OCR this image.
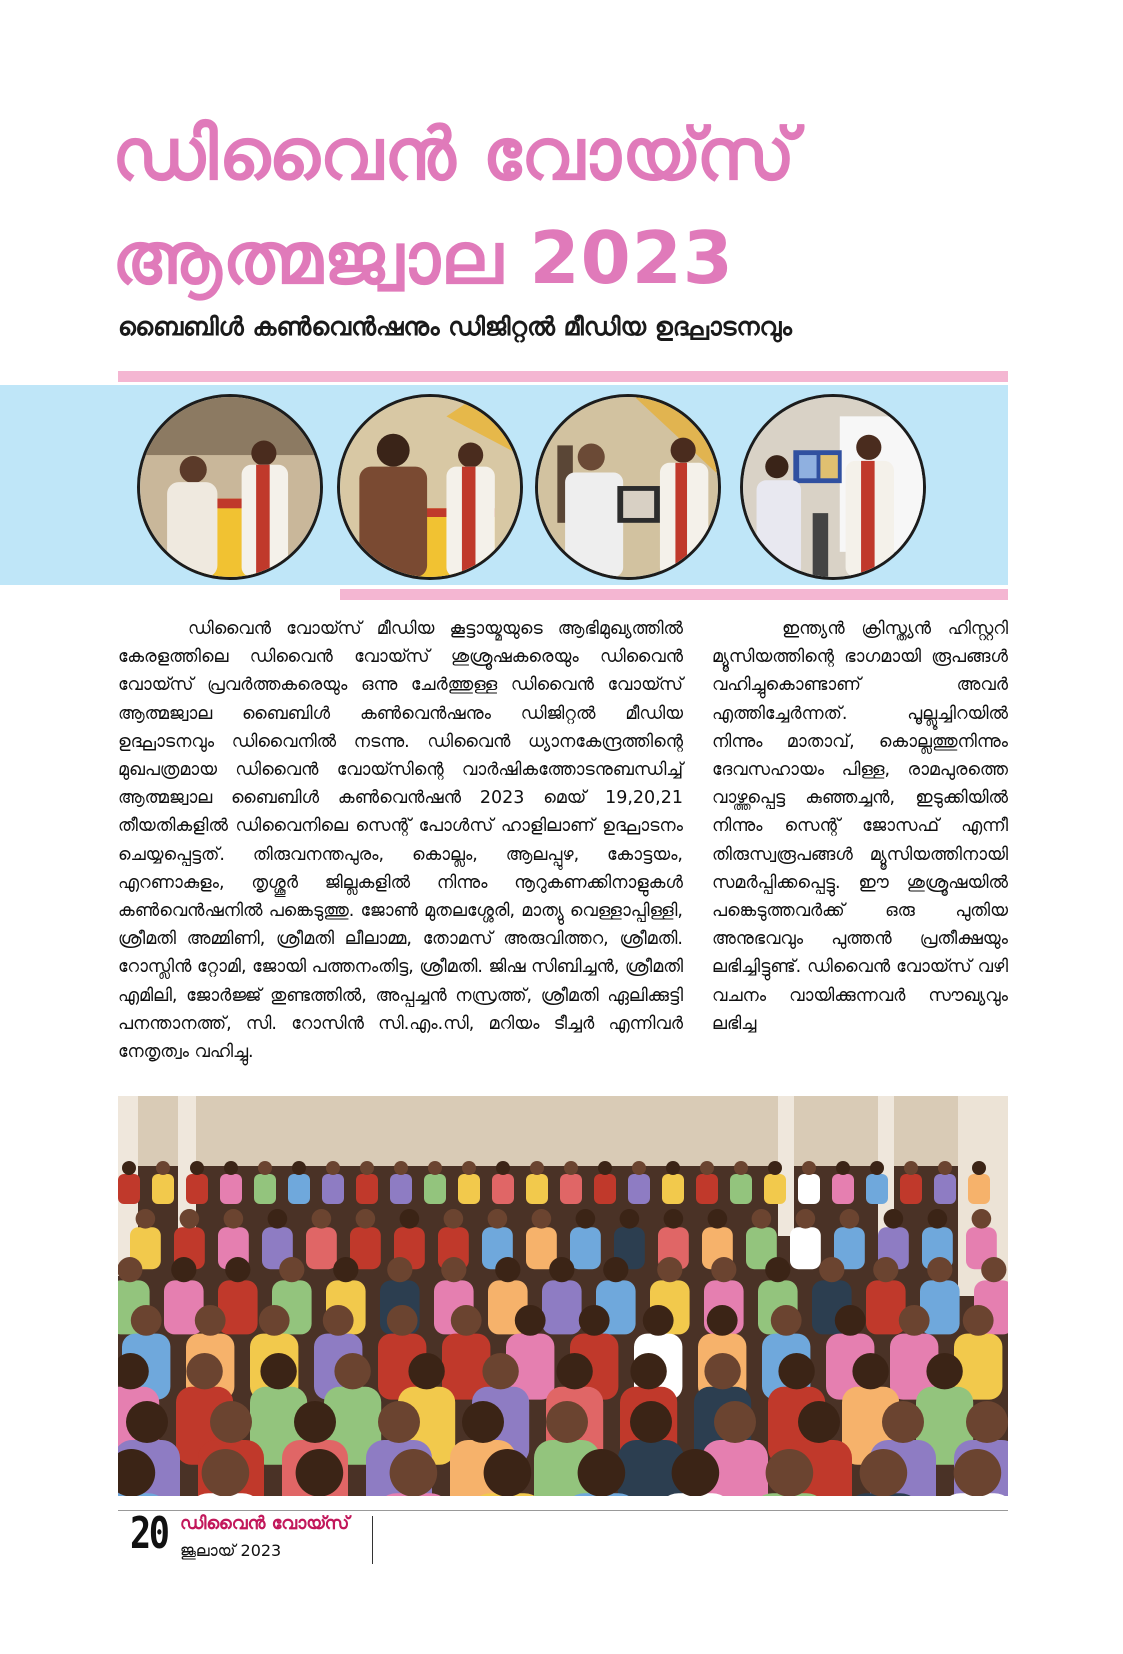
ഡിവൈൻ വോയ്സ്
ആത്മജ്വാല 2023
ബൈബിൾ കൺവെൻഷനും ഡിജിറ്റൽ മീഡിയ ഉദ്ഘാടനവും

ഡിവൈൻ വോയ്സ് മീഡിയ കൂട്ടായ്മയുടെ ആഭിമുഖ്യത്തിൽ കേരളത്തിലെ ഡിവൈൻ വോയ്സ് ശുശ്രൂഷകരെയും ഡിവൈൻ വോയ്സ് പ്രവർത്തകരെയും ഒന്നു ചേർത്തുള്ള ഡിവൈൻ വോയ്സ് ആത്മജ്വാല ബൈബിൾ കൺവെൻഷനും ഡിജിറ്റൽ മീഡിയ ഉദ്ഘാടനവും ഡിവൈനിൽ നടന്നു. ഡിവൈൻ ധ്യാനകേന്ദ്രത്തിന്റെ മുഖപത്രമായ ഡിവൈൻ വോയ്സിന്റെ വാർഷികത്തോടനുബന്ധിച്ച് ആത്മജ്വാല ബൈബിൾ കൺവെൻഷൻ 2023 മെയ് 19,20,21 തീയതികളിൽ ഡിവൈനിലെ സെന്റ് പോൾസ് ഹാളിലാണ് ഉദ്ഘാടനം ചെയ്യപ്പെട്ടത്. തിരുവനന്തപുരം, കൊല്ലം, ആലപ്പുഴ, കോട്ടയം, എറണാകുളം, തൃശ്ശൂർ ജില്ലകളിൽ നിന്നും നൂറുകണക്കിനാളുകൾ കൺവെൻഷനിൽ പങ്കെടുത്തു. ജോൺ മുതലശ്ശേരി, മാത്യു വെള്ളാപ്പിള്ളി, ശ്രീമതി അമ്മിണി, ശ്രീമതി ലീലാമ്മ, തോമസ് അരുവിത്തറ, ശ്രീമതി. റോസ്ലിൻ റ്റോമി, ജോയി പത്തനംതിട്ട, ശ്രീമതി. ജിഷ സിബിച്ചൻ, ശ്രീമതി എമിലി, ജോർജ്ജ് തുണ്ടത്തിൽ, അപ്പച്ചൻ നസ്രത്ത്, ശ്രീമതി ഏലിക്കുട്ടി പനന്താനത്ത്, സി. റോസിൻ സി.എം.സി, മറിയം ടീച്ചർ എന്നിവർ നേതൃത്വം വഹിച്ചു.

ഇന്ത്യൻ ക്രിസ്ത്യൻ ഹിസ്റ്ററി മ്യൂസിയത്തിന്റെ ഭാഗമായി രൂപങ്ങൾ വഹിച്ചുകൊണ്ടാണ് അവർ എത്തിച്ചേർന്നത്. പൂല്ലൂച്ചിറയിൽ നിന്നും മാതാവ്, കൊല്ലത്തുനിന്നും ദേവസഹായം പിള്ള, രാമപുരത്തെ വാഴ്ത്തപ്പെട്ട കുഞ്ഞച്ചൻ, ഇടുക്കിയിൽ നിന്നും സെന്റ് ജോസഫ് എന്നീ തിരുസ്വരൂപങ്ങൾ മ്യൂസിയത്തിനായി സമർപ്പിക്കപ്പെട്ടു. ഈ ശുശ്രൂഷയിൽ പങ്കെടുത്തവർക്ക് ഒരു പുതിയ അനുഭവവും പുത്തൻ പ്രതീക്ഷയും ലഭിച്ചിട്ടുണ്ട്. ഡിവൈൻ വോയ്സ് വഴി വചനം വായിക്കുന്നവർ സൗഖ്യവും ലഭിച്ച

20 ഡിവൈൻ വോയ്സ്
ജൂലായ് 2023
